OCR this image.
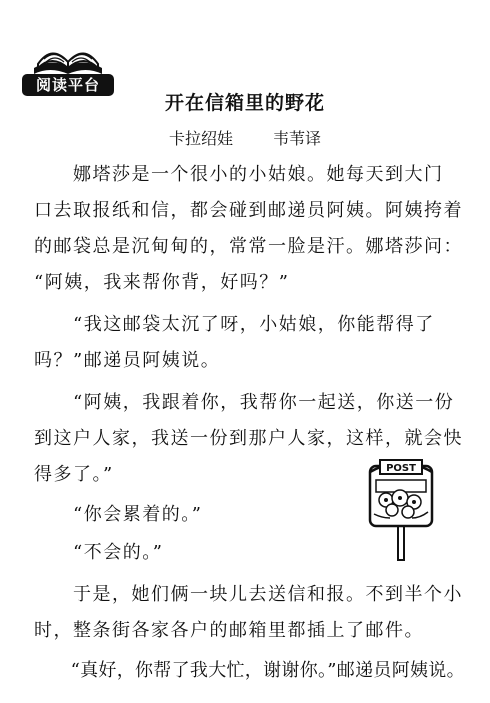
阅读平台
开在信箱里的野花
卡拉绍娃	韦苇译
　　娜塔莎是一个很小的小姑娘。她每天到大门
口去取报纸和信，都会碰到邮递员阿姨。阿姨挎着
的邮袋总是沉甸甸的，常常一脸是汗。娜塔莎问：
“阿姨，我来帮你背，好吗？”
　　“我这邮袋太沉了呀，小姑娘，你能帮得了
吗？”邮递员阿姨说。
　　“阿姨，我跟着你，我帮你一起送，你送一份
到这户人家，我送一份到那户人家，这样，就会快
得多了。”
　　“你会累着的。”
　　“不会的。”
　　于是，她们俩一块儿去送信和报。不到半个小
时，整条街各家各户的邮箱里都插上了邮件。
　　“真好，你帮了我大忙，谢谢你。”邮递员阿姨说。
POST
